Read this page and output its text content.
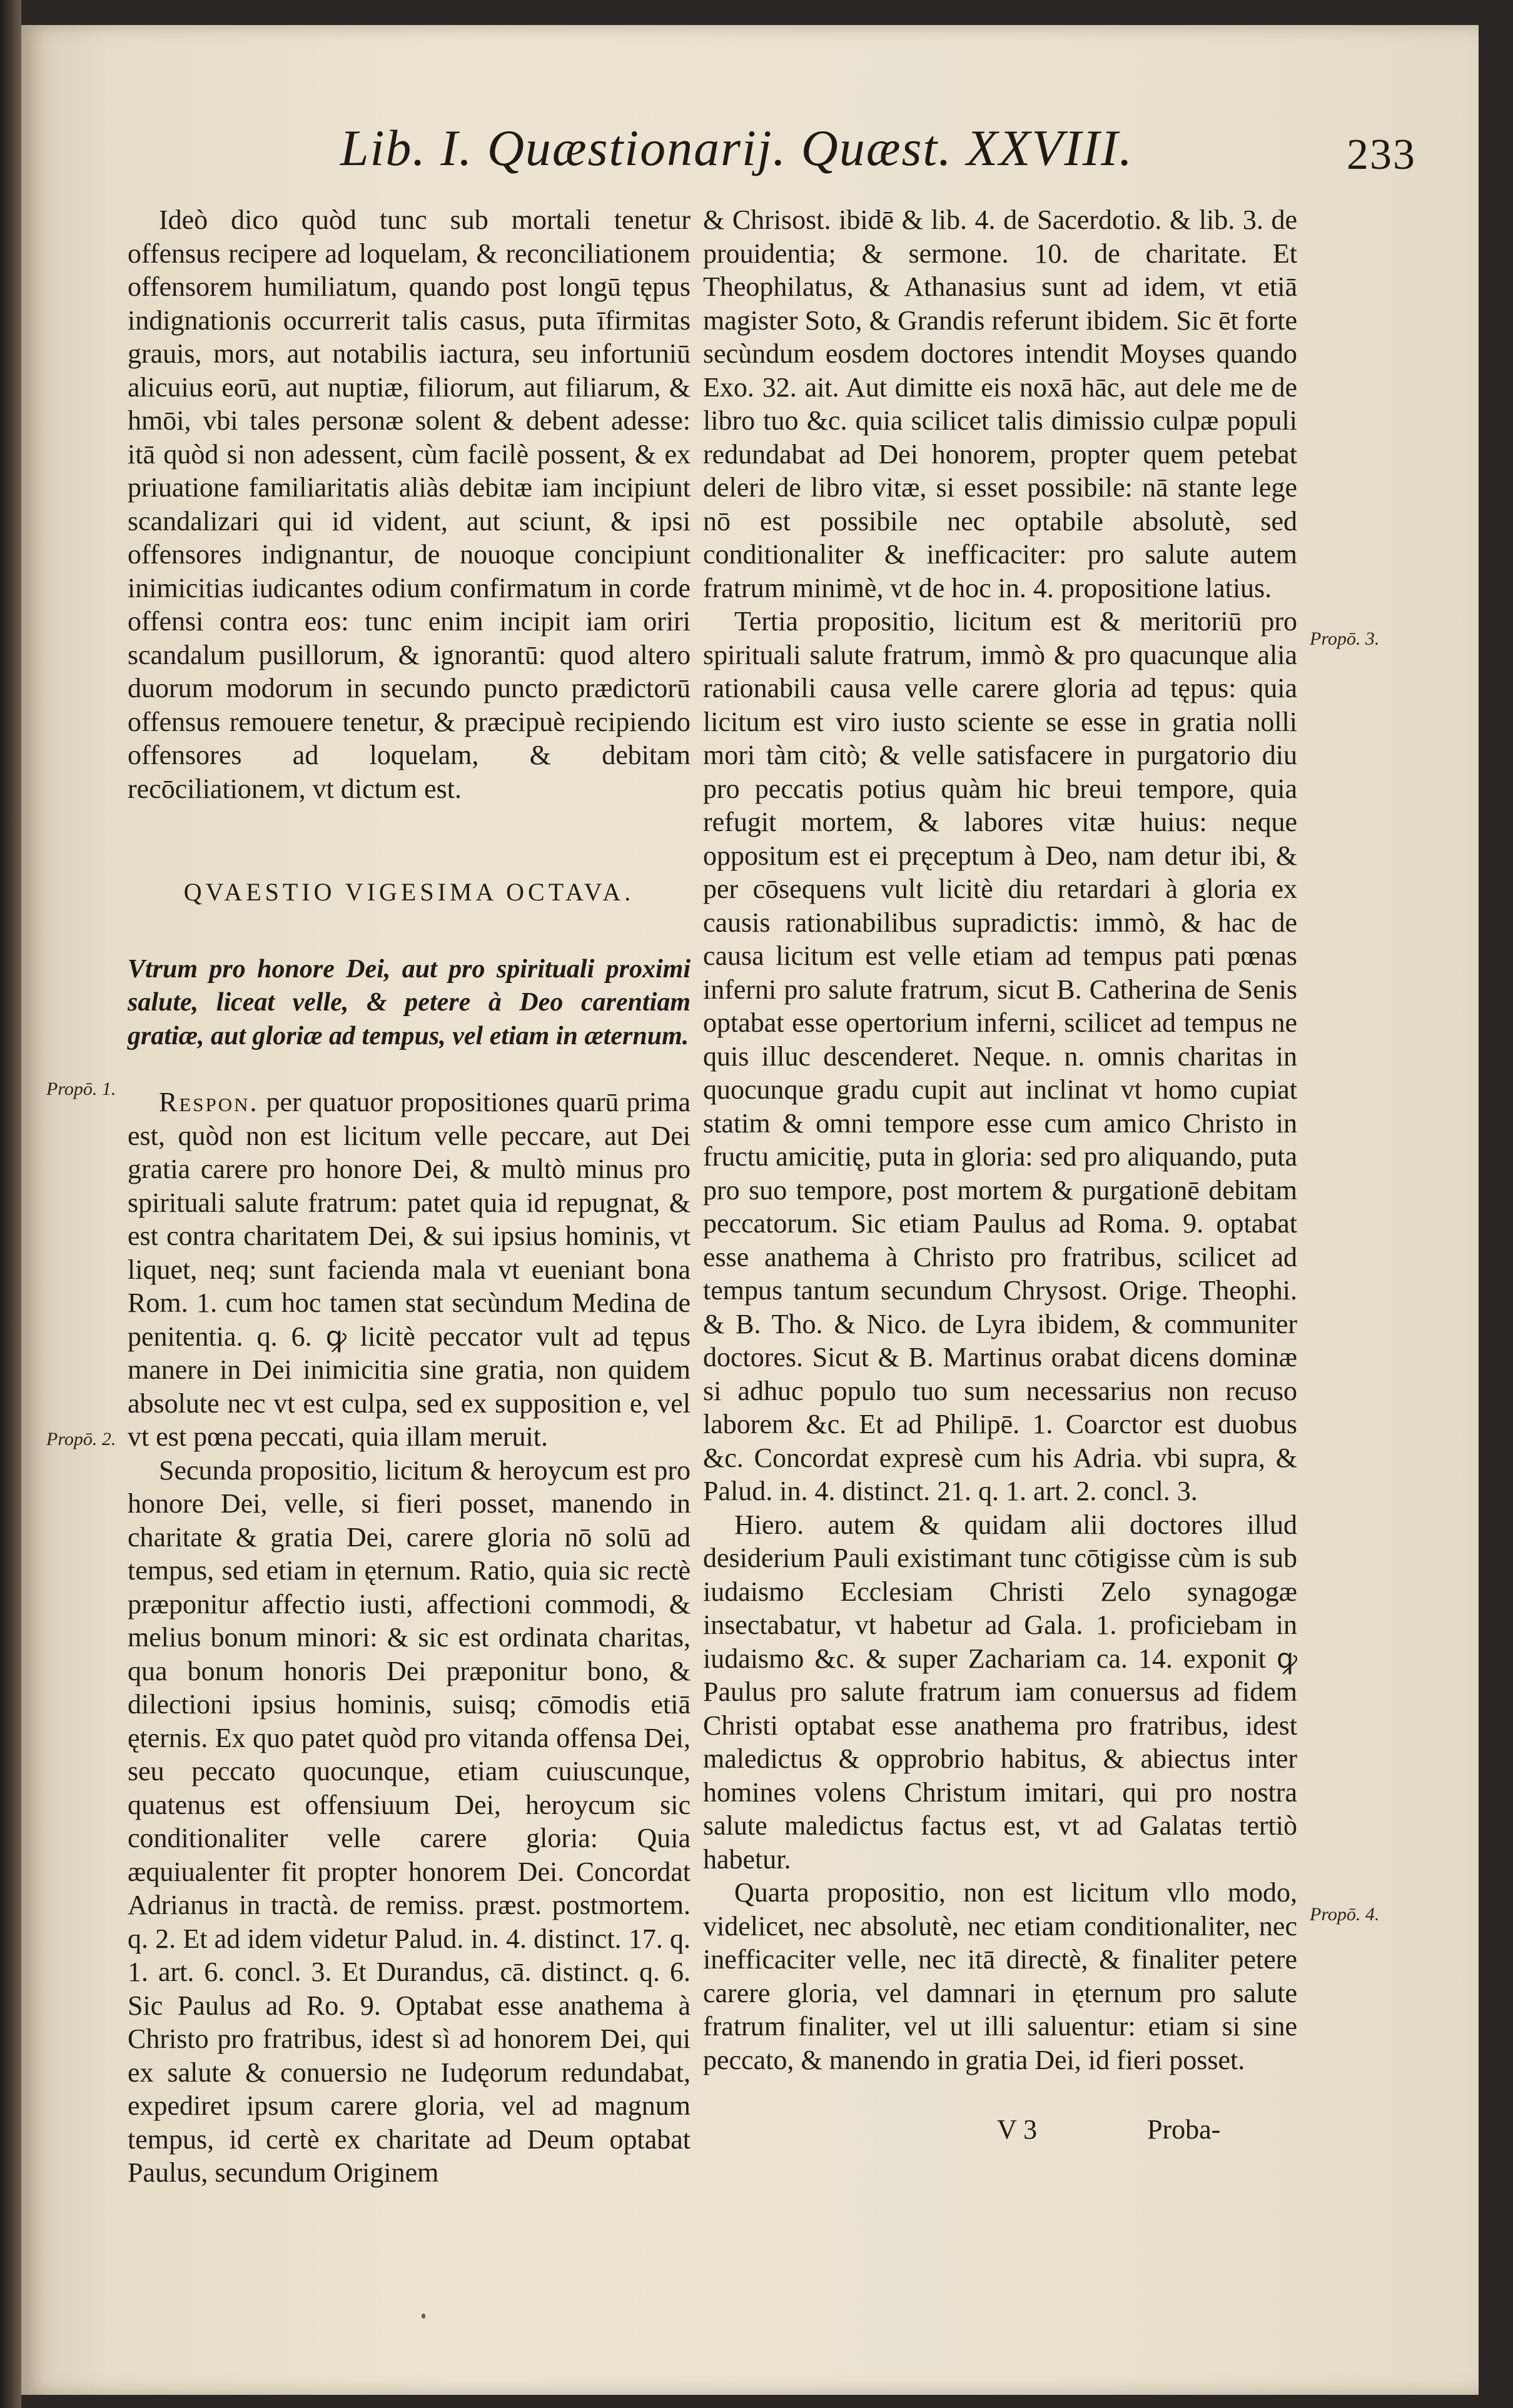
Lib. I. Quæstionarij. Quæst. XXVIII.	233

Ideò dico quòd tunc sub mortali tenetur offensus recipere ad loquelam, & reconciliationem offensorem humiliatum, quando post longū tępus indignationis occurrerit talis casus, puta īfirmitas grauis, mors, aut notabilis iactura, seu infortuniū alicuius eorū, aut nuptiæ, filiorum, aut filiarum, & hmōi, vbi tales personæ solent & debent adesse: itā quòd si non adessent, cùm facilè possent, & ex priuatione familiaritatis aliàs debitæ iam incipiunt scandalizari qui id vident, aut sciunt, & ipsi offensores indignantur, de nouoque concipiunt inimicitias iudicantes odium confirmatum in corde offensi contra eos: tunc enim incipit iam oriri scandalum pusillorum, & ignorantū: quod altero duorum modorum in secundo puncto prædictorū offensus remouere tenetur, & præcipuè recipiendo offensores ad loquelam, & debitam recōciliationem, vt dictum est.

QVAESTIO VIGESIMA OCTAVA.

Vtrum pro honore Dei, aut pro spirituali proximi salute, liceat velle, & petere à Deo carentiam gratiæ, aut gloriæ ad tempus, vel etiam in æternum.

Respon. per quatuor propositiones quarū prima est, quòd non est licitum velle peccare, aut Dei gratia carere pro honore Dei, & multò minus pro spirituali salute fratrum: patet quia id repugnat, & est contra charitatem Dei, & sui ipsius hominis, vt liquet, neq; sunt facienda mala vt eueniant bona Rom. 1. cum hoc tamen stat secùndum Medina de penitentia. q. 6. ꝙ licitè peccator vult ad tępus manere in Dei inimicitia sine gratia, non quidem absolute nec vt est culpa, sed ex supposition e, vel vt est pœna peccati, quia illam meruit.

Secunda propositio, licitum & heroycum est pro honore Dei, velle, si fieri posset, manendo in charitate & gratia Dei, carere gloria nō solū ad tempus, sed etiam in ęternum. Ratio, quia sic rectè præponitur affectio iusti, affectioni commodi, & melius bonum minori: & sic est ordinata charitas, qua bonum honoris Dei præponitur bono, & dilectioni ipsius hominis, suisq; cōmodis etiā ęternis. Ex quo patet quòd pro vitanda offensa Dei, seu peccato quocunque, etiam cuiuscunque, quatenus est offensiuum Dei, heroycum sic conditionaliter velle carere gloria: Quia æquiualenter fit propter honorem Dei. Concordat Adrianus in tractà. de remiss. præst. postmortem. q. 2. Et ad idem videtur Palud. in. 4. distinct. 17. q. 1. art. 6. concl. 3. Et Durandus, cā. distinct. q. 6. Sic Paulus ad Ro. 9. Optabat esse anathema à Christo pro fratribus, idest sì ad honorem Dei, qui ex salute & conuersio ne Iudęorum redundabat, expediret ipsum carere gloria, vel ad magnum tempus, id certè ex charitate ad Deum optabat Paulus, secundum Originem

& Chrisost. ibidē & lib. 4. de Sacerdotio. & lib. 3. de prouidentia; & sermone. 10. de charitate. Et Theophilatus, & Athanasius sunt ad idem, vt etiā magister Soto, & Grandis referunt ibidem. Sic ēt forte secùndum eosdem doctores intendit Moyses quando Exo. 32. ait. Aut dimitte eis noxā hāc, aut dele me de libro tuo &c. quia scilicet talis dimissio culpæ populi redundabat ad Dei honorem, propter quem petebat deleri de libro vitæ, si esset possibile: nā stante lege nō est possibile nec optabile absolutè, sed conditionaliter & inefficaciter: pro salute autem fratrum minimè, vt de hoc in. 4. propositione latius.

Tertia propositio, licitum est & meritoriū pro spirituali salute fratrum, immò & pro quacunque alia rationabili causa velle carere gloria ad tępus: quia licitum est viro iusto sciente se esse in gratia nolli mori tàm citò; & velle satisfacere in purgatorio diu pro peccatis potius quàm hic breui tempore, quia refugit mortem, & labores vitæ huius: neque oppositum est ei pręceptum à Deo, nam detur ibi, & per cōsequens vult licitè diu retardari à gloria ex causis rationabilibus supradictis: immò, & hac de causa licitum est velle etiam ad tempus pati pœnas inferni pro salute fratrum, sicut B. Catherina de Senis optabat esse opertorium inferni, scilicet ad tempus ne quis illuc descenderet. Neque. n. omnis charitas in quocunque gradu cupit aut inclinat vt homo cupiat statim & omni tempore esse cum amico Christo in fructu amicitię, puta in gloria: sed pro aliquando, puta pro suo tempore, post mortem & purgationē debitam peccatorum. Sic etiam Paulus ad Roma. 9. optabat esse anathema à Christo pro fratribus, scilicet ad tempus tantum secundum Chrysost. Orige. Theophi. & B. Tho. & Nico. de Lyra ibidem, & communiter doctores. Sicut & B. Martinus orabat dicens dominæ si adhuc populo tuo sum necessarius non recuso laborem &c. Et ad Philipē. 1. Coarctor est duobus &c. Concordat expresè cum his Adria. vbi supra, & Palud. in. 4. distinct. 21. q. 1. art. 2. concl. 3.

Hiero. autem & quidam alii doctores illud desiderium Pauli existimant tunc cōtigisse cùm is sub iudaismo Ecclesiam Christi Zelo synagogæ insectabatur, vt habetur ad Gala. 1. proficiebam in iudaismo &c. & super Zachariam ca. 14. exponit ꝙ Paulus pro salute fratrum iam conuersus ad fidem Christi optabat esse anathema pro fratribus, idest maledictus & opprobrio habitus, & abiectus inter homines volens Christum imitari, qui pro nostra salute maledictus factus est, vt ad Galatas tertiò habetur.

Quarta propositio, non est licitum vllo modo, videlicet, nec absolutè, nec etiam conditionaliter, nec inefficaciter velle, nec itā directè, & finaliter petere carere gloria, vel damnari in ęternum pro salute fratrum finaliter, vel ut illi saluentur: etiam si sine peccato, & manendo in gratia Dei, id fieri posset.

Propō. 1.
Propō. 2.
Propō. 3.
Propō. 4.
V 3	Proba-
